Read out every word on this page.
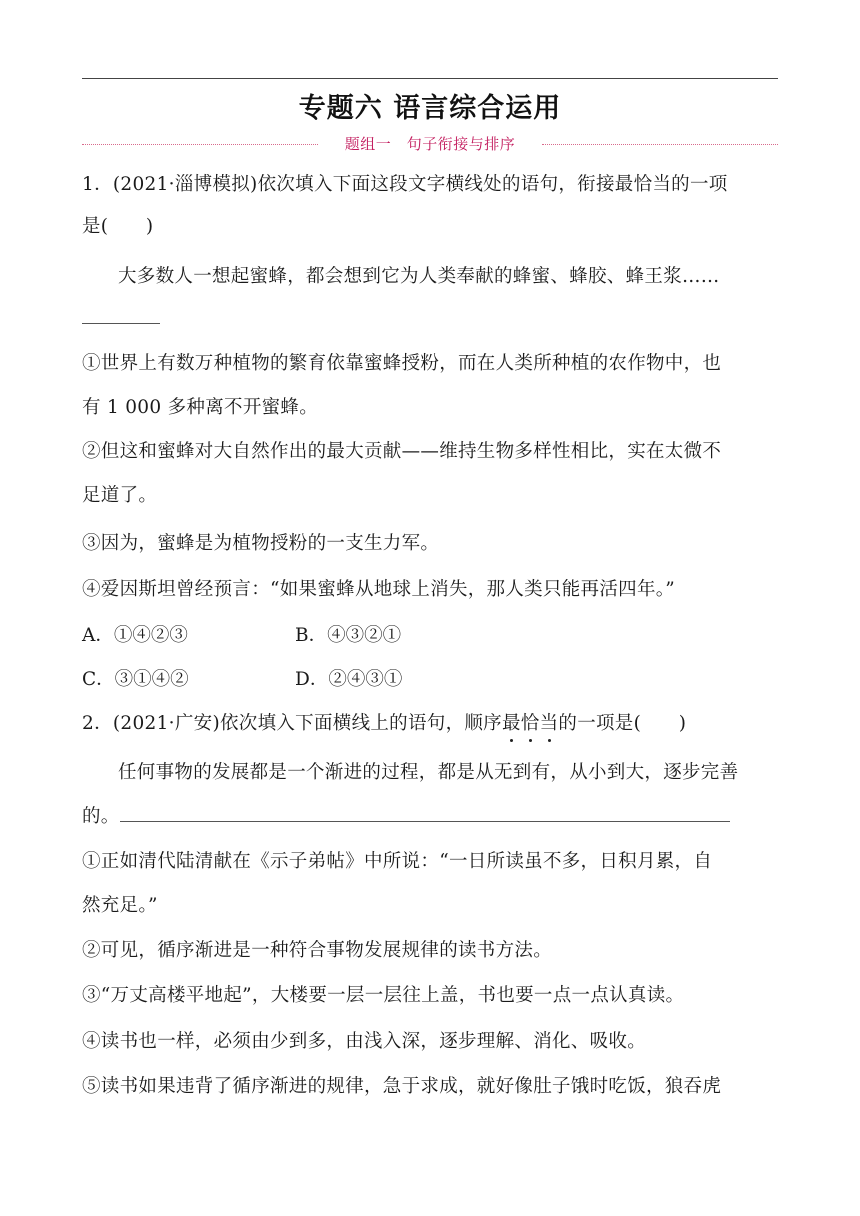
专题六 语言综合运用
题组一　句子衔接与排序
1．(2021·淄博模拟)依次填入下面这段文字横线处的语句，衔接最恰当的一项
是(　　)
大多数人一想起蜜蜂，都会想到它为人类奉献的蜂蜜、蜂胶、蜂王浆……
①世界上有数万种植物的繁育依靠蜜蜂授粉，而在人类所种植的农作物中，也
有 1 000 多种离不开蜜蜂。
②但这和蜜蜂对大自然作出的最大贡献——维持生物多样性相比，实在太微不
足道了。
③因为，蜜蜂是为植物授粉的一支生力军。
④爱因斯坦曾经预言：“如果蜜蜂从地球上消失，那人类只能再活四年。”
A．①④②③	B．④③②①
C．③①④②	D．②④③①
2．(2021·广安)依次填入下面横线上的语句，顺序最恰当的一项是(　　)
任何事物的发展都是一个渐进的过程，都是从无到有，从小到大，逐步完善
的。
①正如清代陆清献在《示子弟帖》中所说：“一日所读虽不多，日积月累，自
然充足。”
②可见，循序渐进是一种符合事物发展规律的读书方法。
③“万丈高楼平地起”，大楼要一层一层往上盖，书也要一点一点认真读。
④读书也一样，必须由少到多，由浅入深，逐步理解、消化、吸收。
⑤读书如果违背了循序渐进的规律，急于求成，就好像肚子饿时吃饭，狼吞虎
